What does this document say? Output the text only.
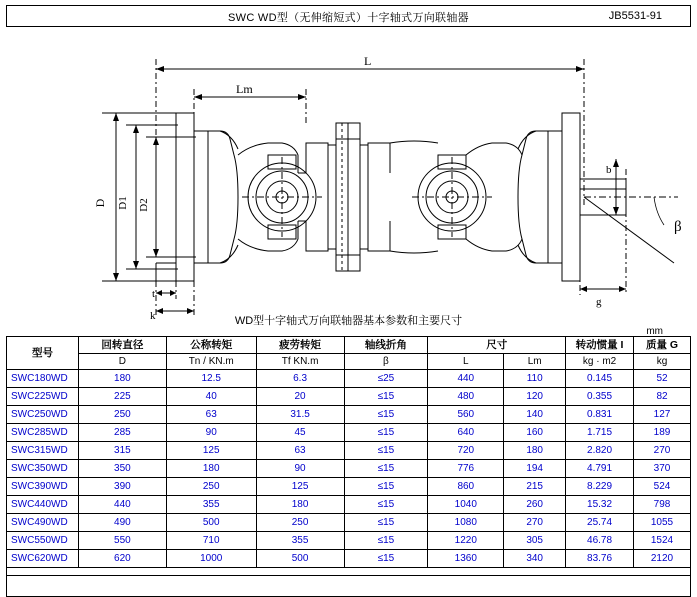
SWC WD型（无伸缩短式）十字轴式万向联轴器	JB5531-91
L
Lm
β
t
k
g
b
D D1 D2
WD型十字轴式万向联轴器基本参数和主要尺寸
mm
型号	回转直径	公称转矩	疲劳转矩	轴线折角	尺寸		转动惯量 I	质量 G
	D	Tn / KN.m	Tf KN.m	β	L	Lm	kg · m2	kg
SWC180WD	180	12.5	6.3	≤25	440	110	0.145	52
SWC225WD	225	40	20	≤15	480	120	0.355	82
SWC250WD	250	63	31.5	≤15	560	140	0.831	127
SWC285WD	285	90	45	≤15	640	160	1.715	189
SWC315WD	315	125	63	≤15	720	180	2.820	270
SWC350WD	350	180	90	≤15	776	194	4.791	370
SWC390WD	390	250	125	≤15	860	215	8.229	524
SWC440WD	440	355	180	≤15	1040	260	15.32	798
SWC490WD	490	500	250	≤15	1080	270	25.74	1055
SWC550WD	550	710	355	≤15	1220	305	46.78	1524
SWC620WD	620	1000	500	≤15	1360	340	83.76	2120
